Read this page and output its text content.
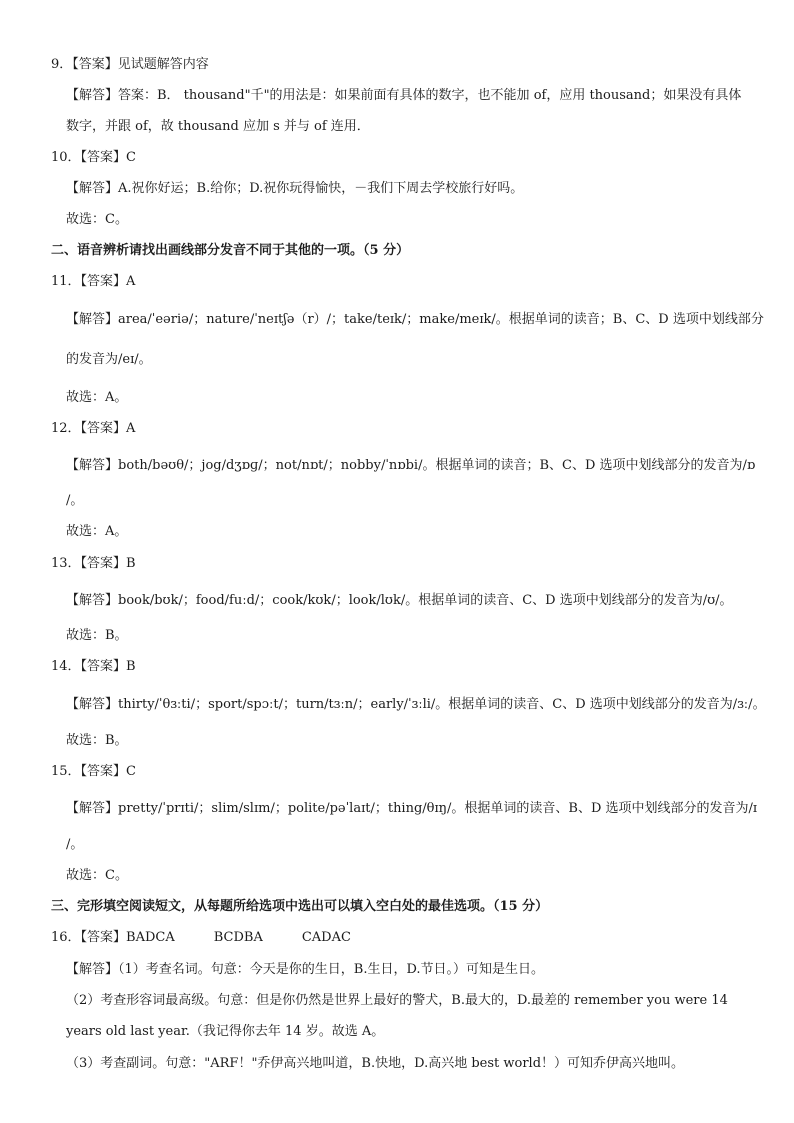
9．【答案】见试题解答内容
【解答】答案：B． thousand"千"的用法是：如果前面有具体的数字，也不能加 of，应用 thousand；如果没有具体
数字，并跟 of，故 thousand 应加 s 并与 of 连用．
10．【答案】C
【解答】A.祝你好运；B.给你；D.祝你玩得愉快，－我们下周去学校旅行好吗。
故选：C。
二、语音辨析请找出画线部分发音不同于其他的一项。（5 分）
11．【答案】A
【解答】area/ˈeəriə/；nature/ˈneɪtʃə（r）/；take/teɪk/；make/meɪk/。根据单词的读音；B、C、D 选项中划线部分
的发音为/eɪ/。
故选：A。
12．【答案】A
【解答】both/bəʊθ/；jog/dʒɒɡ/；not/nɒt/；nobby/ˈnɒbi/。根据单词的读音；B、C、D 选项中划线部分的发音为/ɒ
/。
故选：A。
13．【答案】B
【解答】book/bʊk/；food/fuːd/；cook/kʊk/；look/lʊk/。根据单词的读音、C、D 选项中划线部分的发音为/ʊ/。
故选：B。
14．【答案】B
【解答】thirty/ˈθɜːti/；sport/spɔːt/；turn/tɜːn/；early/ˈɜːli/。根据单词的读音、C、D 选项中划线部分的发音为/ɜː/。
故选：B。
15．【答案】C
【解答】pretty/ˈprɪti/；slim/slɪm/；polite/pəˈlaɪt/；thing/θɪŋ/。根据单词的读音、B、D 选项中划线部分的发音为/ɪ
/。
故选：C。
三、完形填空阅读短文，从每题所给选项中选出可以填入空白处的最佳选项。（15 分）
16．【答案】BADCA　　　BCDBA　　　CADAC
【解答】（1）考查名词。句意：今天是你的生日，B.生日，D.节日。）可知是生日。
（2）考查形容词最高级。句意：但是你仍然是世界上最好的警犬，B.最大的，D.最差的 remember you were 14
years old last year.（我记得你去年 14 岁。故选 A。
（3）考查副词。句意："ARF！"乔伊高兴地叫道，B.快地，D.高兴地 best world！）可知乔伊高兴地叫。
